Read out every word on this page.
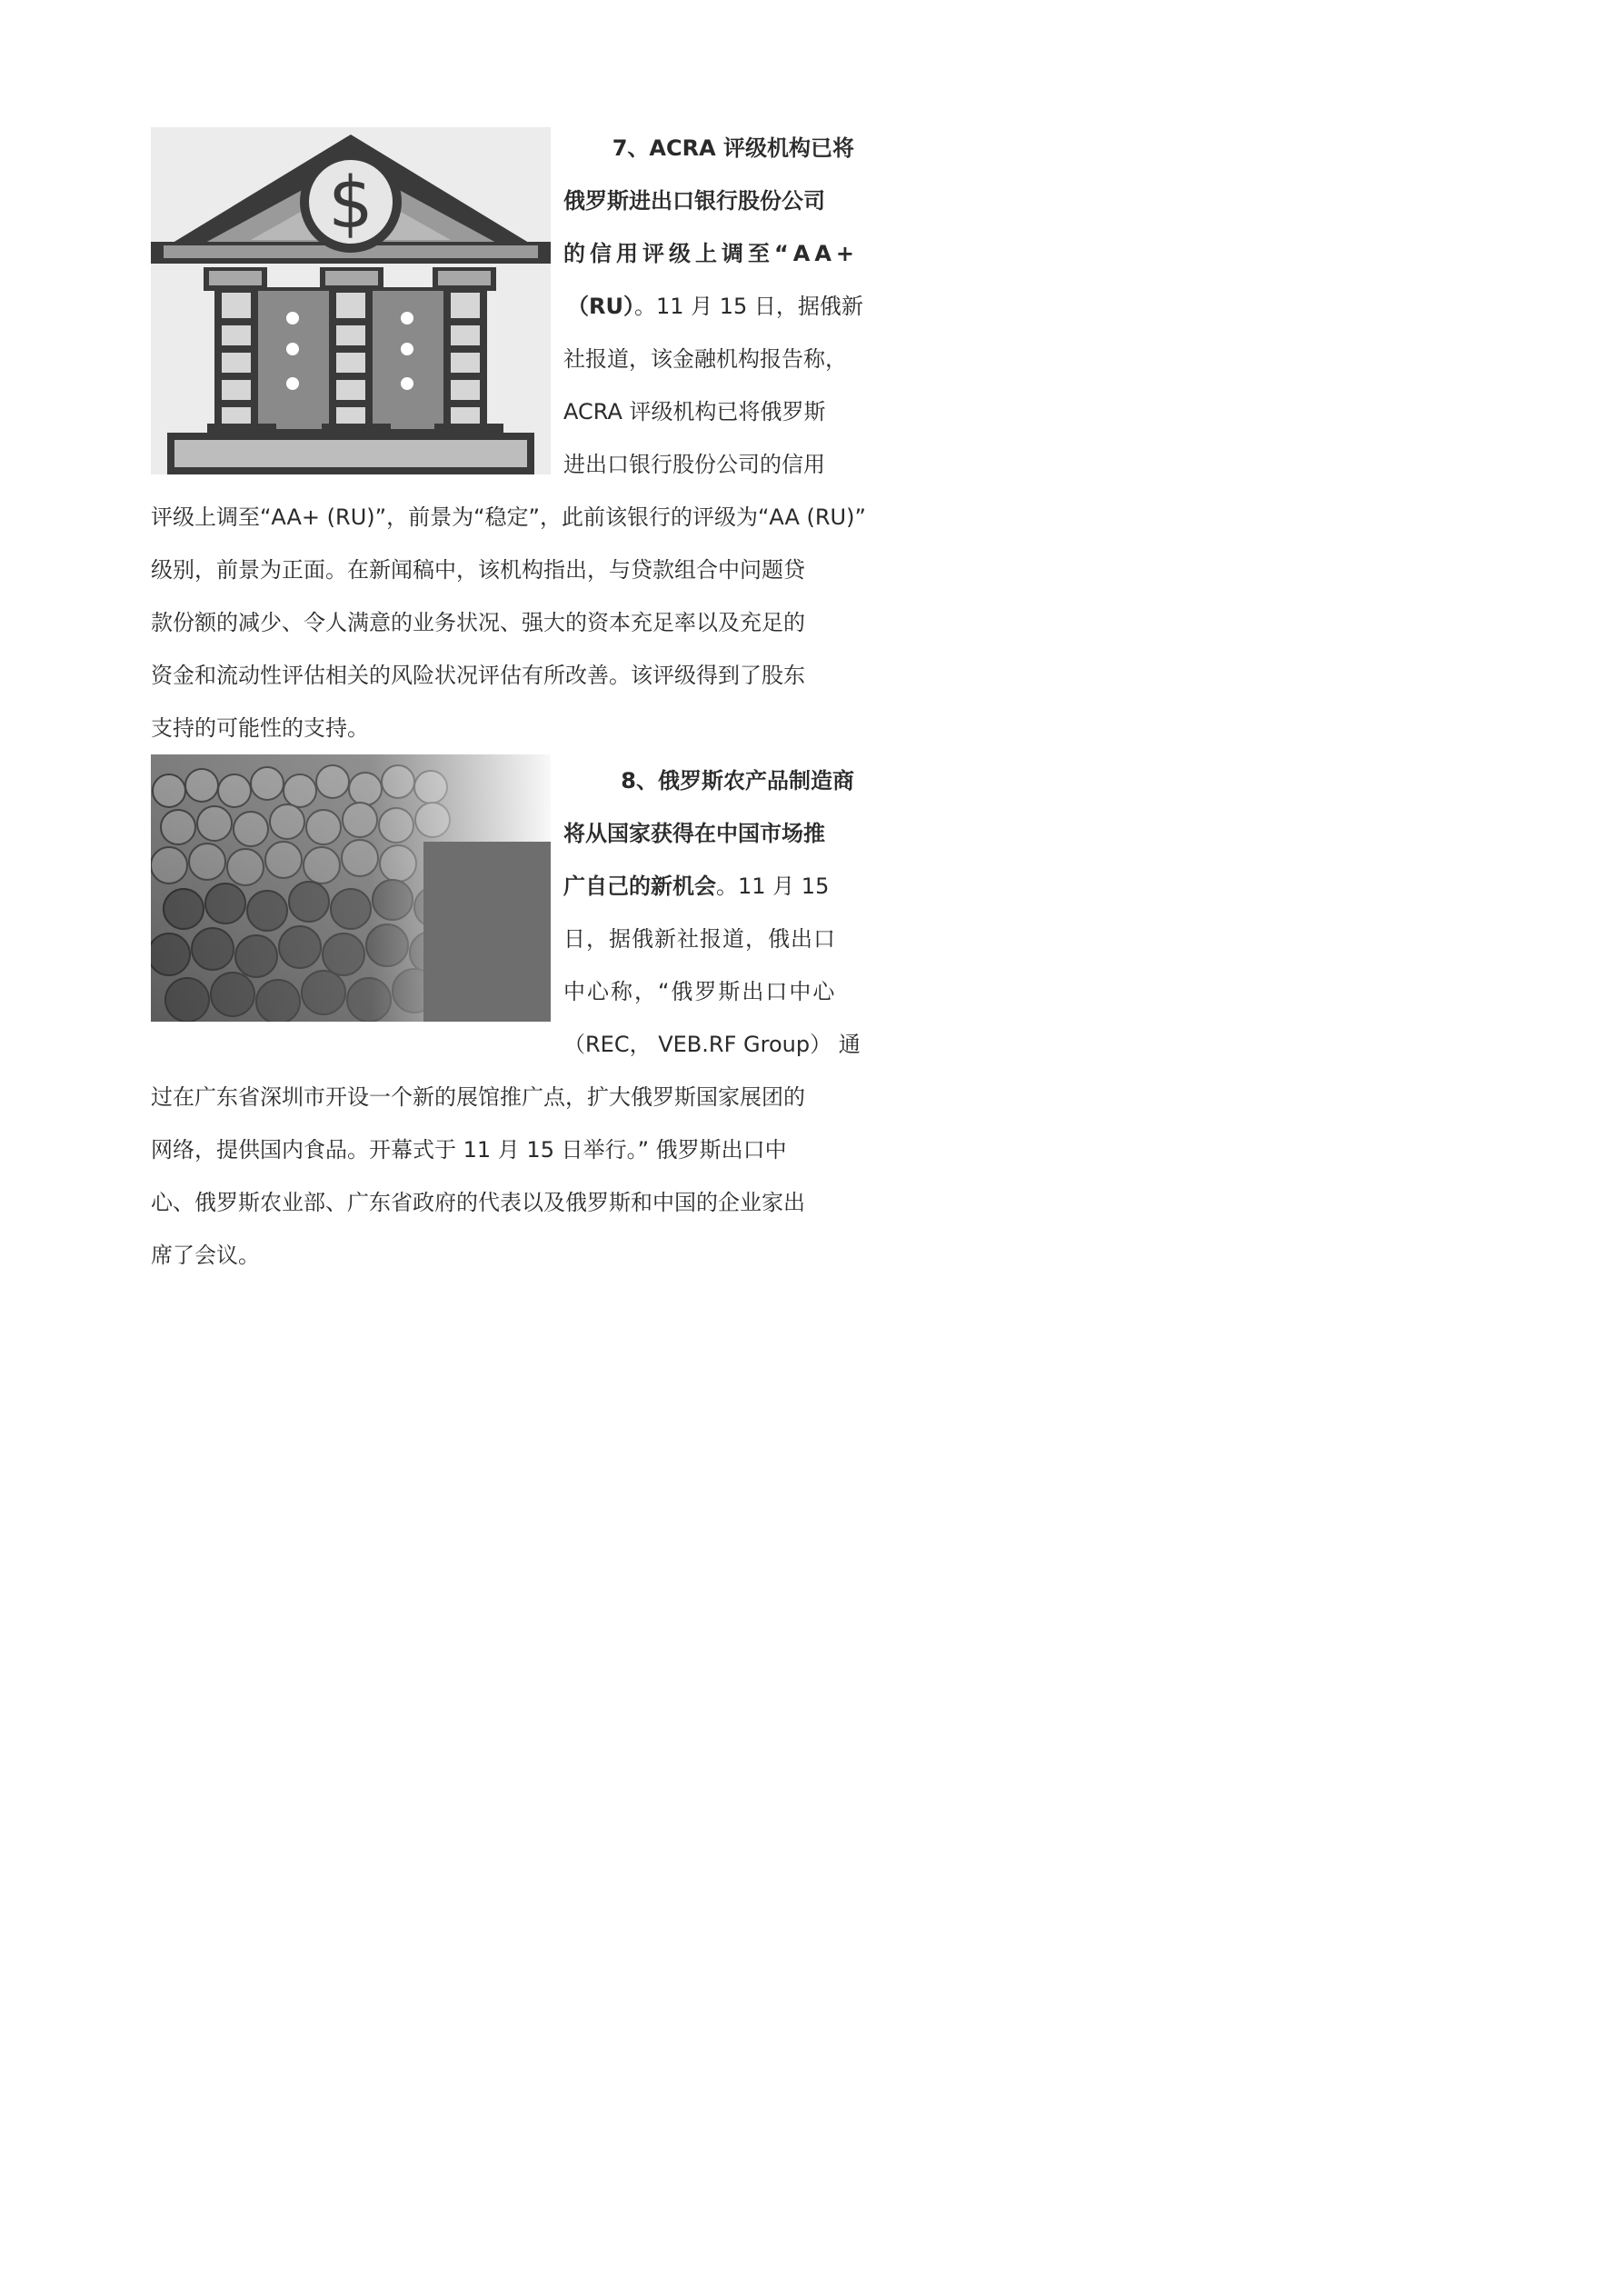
$
7、ACRA 评级机构已将
俄罗斯进出口银行股份公司
的信用评级上调至“AA+
（RU）。11 月 15 日，据俄新
社报道，该金融机构报告称，
ACRA 评级机构已将俄罗斯
进出口银行股份公司的信用
评级上调至“AA+ (RU)”，前景为“稳定”，此前该银行的评级为“AA (RU)”
级别，前景为正面。在新闻稿中，该机构指出，与贷款组合中问题贷
款份额的减少、令人满意的业务状况、强大的资本充足率以及充足的
资金和流动性评估相关的风险状况评估有所改善。该评级得到了股东
支持的可能性的支持。
8、俄罗斯农产品制造商
将从国家获得在中国市场推
广自己的新机会。11 月 15
日，据俄新社报道，俄出口
中心称，“俄罗斯出口中心
（REC， VEB.RF Group） 通
过在广东省深圳市开设一个新的展馆推广点，扩大俄罗斯国家展团的
网络，提供国内食品。开幕式于 11 月 15 日举行。” 俄罗斯出口中
心、俄罗斯农业部、广东省政府的代表以及俄罗斯和中国的企业家出
席了会议。
